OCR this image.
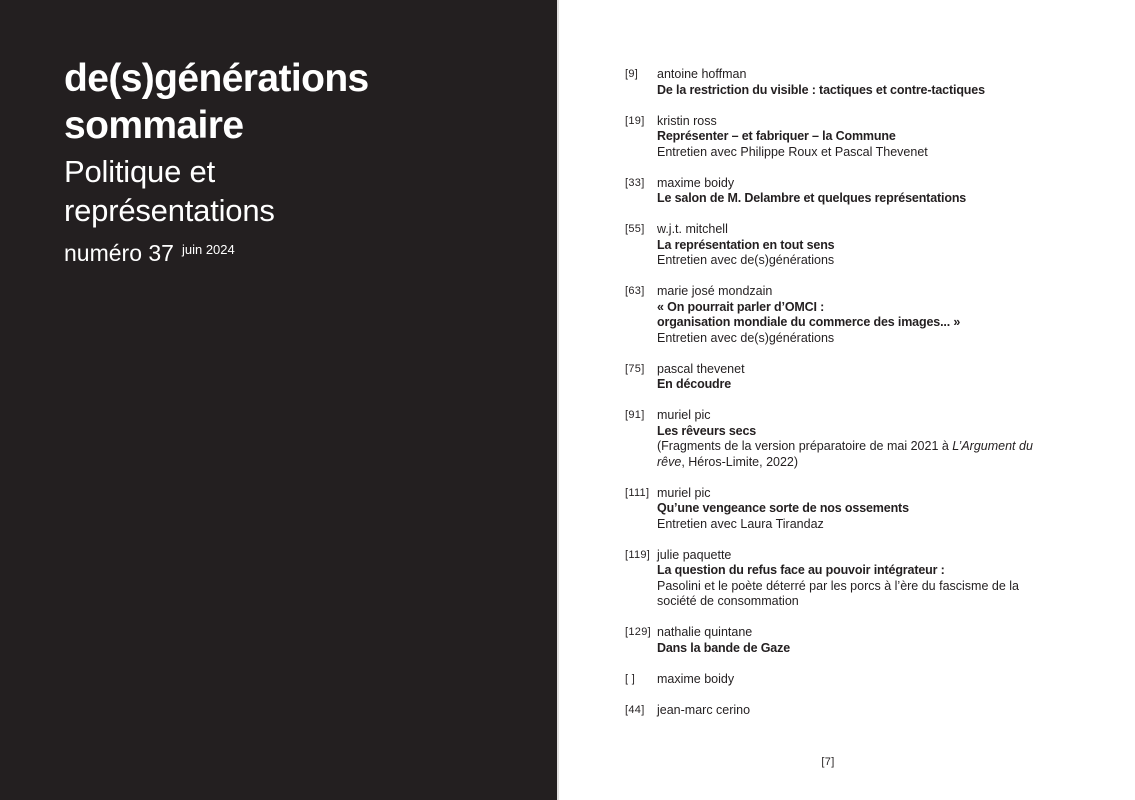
de(s)générations
sommaire
Politique et
représentations
numéro 37 $^{juin 2024}$
[9]	antoine hoffman
De la restriction du visible : tactiques et contre-tactiques
[19] kristin ross
Représenter – et fabriquer – la Commune
Entretien avec Philippe Roux et Pascal Thevenet
[33] maxime boidy
Le salon de M. Delambre et quelques représentations
[55] w.j.t. mitchell
La représentation en tout sens
Entretien avec de(s)générations
[63] marie josé mondzain
« On pourrait parler d’OMCI :
organisation mondiale du commerce des images... »
Entretien avec de(s)générations
[75] pascal thevenet
En découdre
[91] muriel pic
Les rêveurs secs
(Fragments de la version préparatoire de mai 2021 à L’Argument du
rêve, Héros-Limite, 2022)
[111] muriel pic
Qu’une vengeance sorte de nos ossements
Entretien avec Laura Tirandaz
[119] julie paquette
La question du refus face au pouvoir intégrateur :
Pasolini et le poète déterré par les porcs à l’ère du fascisme de la
société de consommation
[129] nathalie quintane
Dans la bande de Gaze
[ ]	maxime boidy
[44] jean-marc cerino
[7]
